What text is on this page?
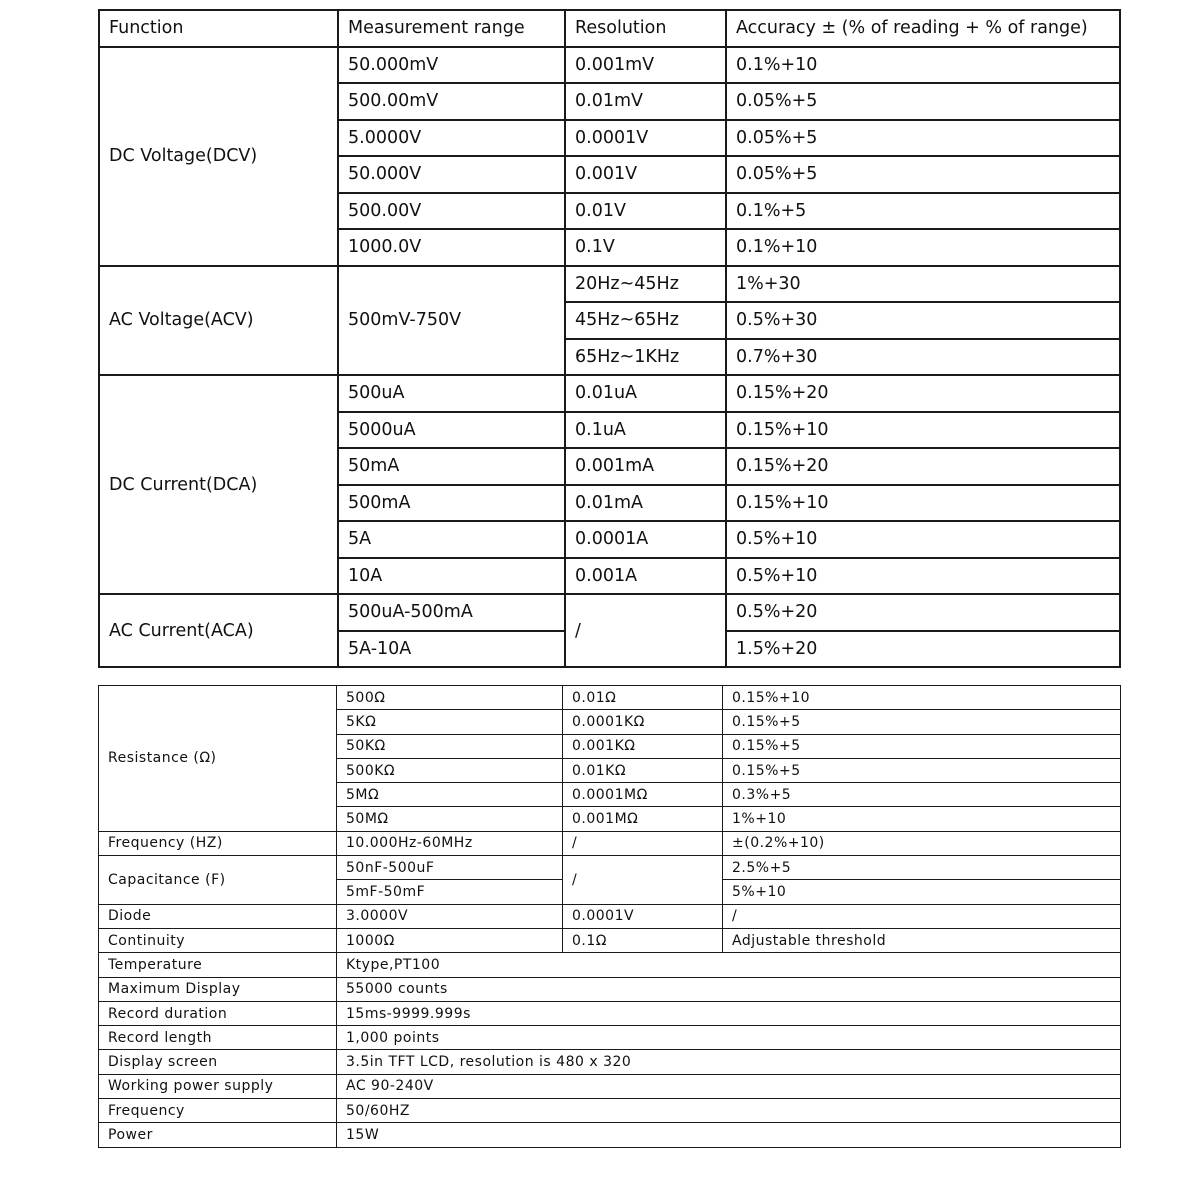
Function	Measurement range	Resolution	Accuracy ± (% of reading + % of range)
DC Voltage(DCV)	50.000mV	0.001mV	0.1%+10
	500.00mV	0.01mV	0.05%+5
	5.0000V	0.0001V	0.05%+5
	50.000V	0.001V	0.05%+5
	500.00V	0.01V	0.1%+5
	1000.0V	0.1V	0.1%+10
AC Voltage(ACV)	500mV-750V	20Hz~45Hz	1%+30
		45Hz~65Hz	0.5%+30
		65Hz~1KHz	0.7%+30
DC Current(DCA)	500uA	0.01uA	0.15%+20
	5000uA	0.1uA	0.15%+10
	50mA	0.001mA	0.15%+20
	500mA	0.01mA	0.15%+10
	5A	0.0001A	0.5%+10
	10A	0.001A	0.5%+10
AC Current(ACA)	500uA-500mA	/	0.5%+20
	5A-10A		1.5%+20
Resistance (Ω)	500Ω	0.01Ω	0.15%+10
	5KΩ	0.0001KΩ	0.15%+5
	50KΩ	0.001KΩ	0.15%+5
	500KΩ	0.01KΩ	0.15%+5
	5MΩ	0.0001MΩ	0.3%+5
	50MΩ	0.001MΩ	1%+10
Frequency (HZ)	10.000Hz-60MHz	/	±(0.2%+10)
Capacitance (F)	50nF-500uF	/	2.5%+5
	5mF-50mF		5%+10
Diode	3.0000V	0.0001V	/
Continuity	1000Ω	0.1Ω	Adjustable threshold
Temperature	Ktype,PT100		
Maximum Display	55000 counts		
Record duration	15ms-9999.999s		
Record length	1,000 points		
Display screen	3.5in TFT LCD, resolution is 480 x 320		
Working power supply	AC 90-240V		
Frequency	50/60HZ		
Power	15W		
